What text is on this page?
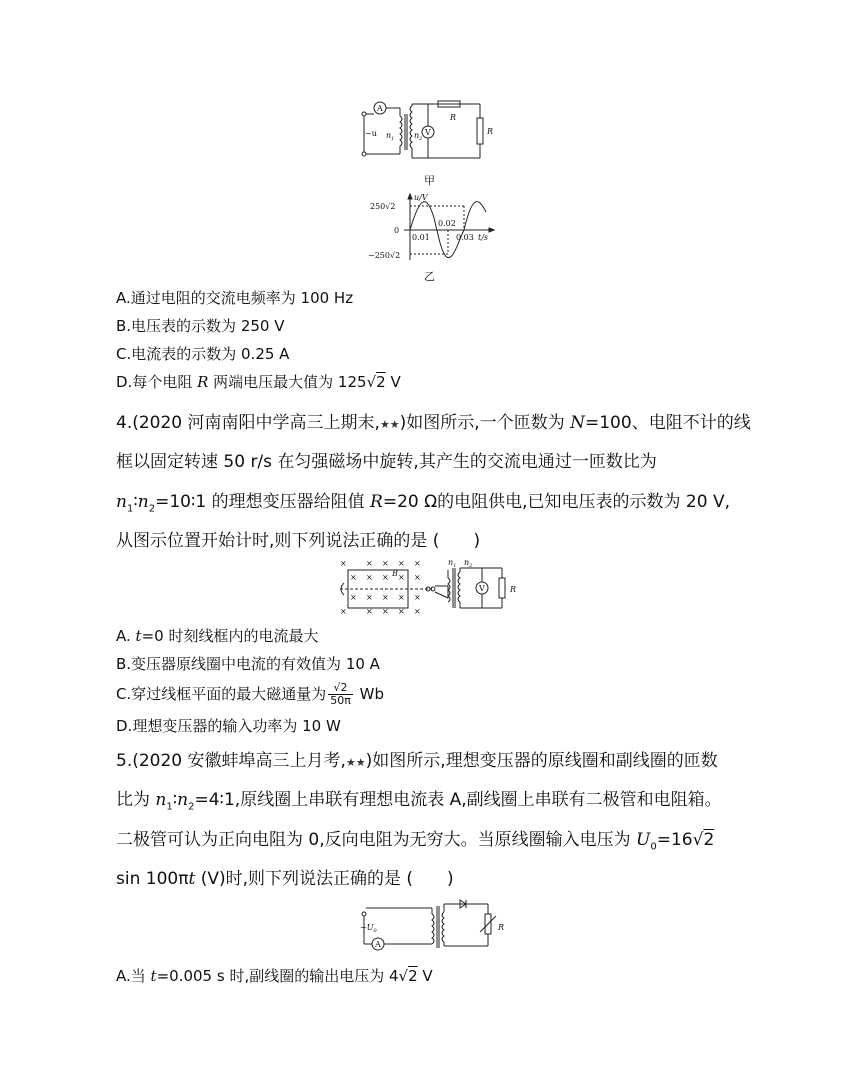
A
V
~u $n_1$ $n_2$
R
R
甲
u/V
250√2
0
−250√2
t/s
0.01
0.02
0.03
乙
A.通过电阻的交流电频率为 100 Hz
B.电压表的示数为 250 V
C.电流表的示数为 0.25 A
D.每个电阻 R 两端电压最大值为 125√2 V
4.(2020 河南南阳中学高三上期末,★★)如图所示,一个匝数为 N=100、电阻不计的线
框以固定转速 50 r/s 在匀强磁场中旋转,其产生的交流电通过一匝数比为
$n_1∶n_2=10∶1$ 的理想变压器给阻值 R=20 Ω的电阻供电,已知电压表的示数为 20 V,
从图示位置开始计时,则下列说法正确的是 (　　)
× × × × ×
× × × × ×
× × × × ×
× × × × ×
B
$n_1$ $n_2$
V	R
A. t=0 时刻线框内的电流最大
B.变压器原线圈中电流的有效值为 10 A
C.穿过线框平面的最大磁通量为 $\frac{√2}{50\pi}$ Wb
D.理想变压器的输入功率为 10 W
5.(2020 安徽蚌埠高三上月考,★★)如图所示,理想变压器的原线圈和副线圈的匝数
比为 $n_1∶n_2=4∶1$,原线圈上串联有理想电流表 A,副线圈上串联有二极管和电阻箱。
二极管可认为正向电阻为 0,反向电阻为无穷大。当原线圈输入电压为 $U_0=16√2$
sin 100πt (V)时,则下列说法正确的是 (　　)
$\sim U_0$
A
R
A.当 t=0.005 s 时,副线圈的输出电压为 4√2 V
